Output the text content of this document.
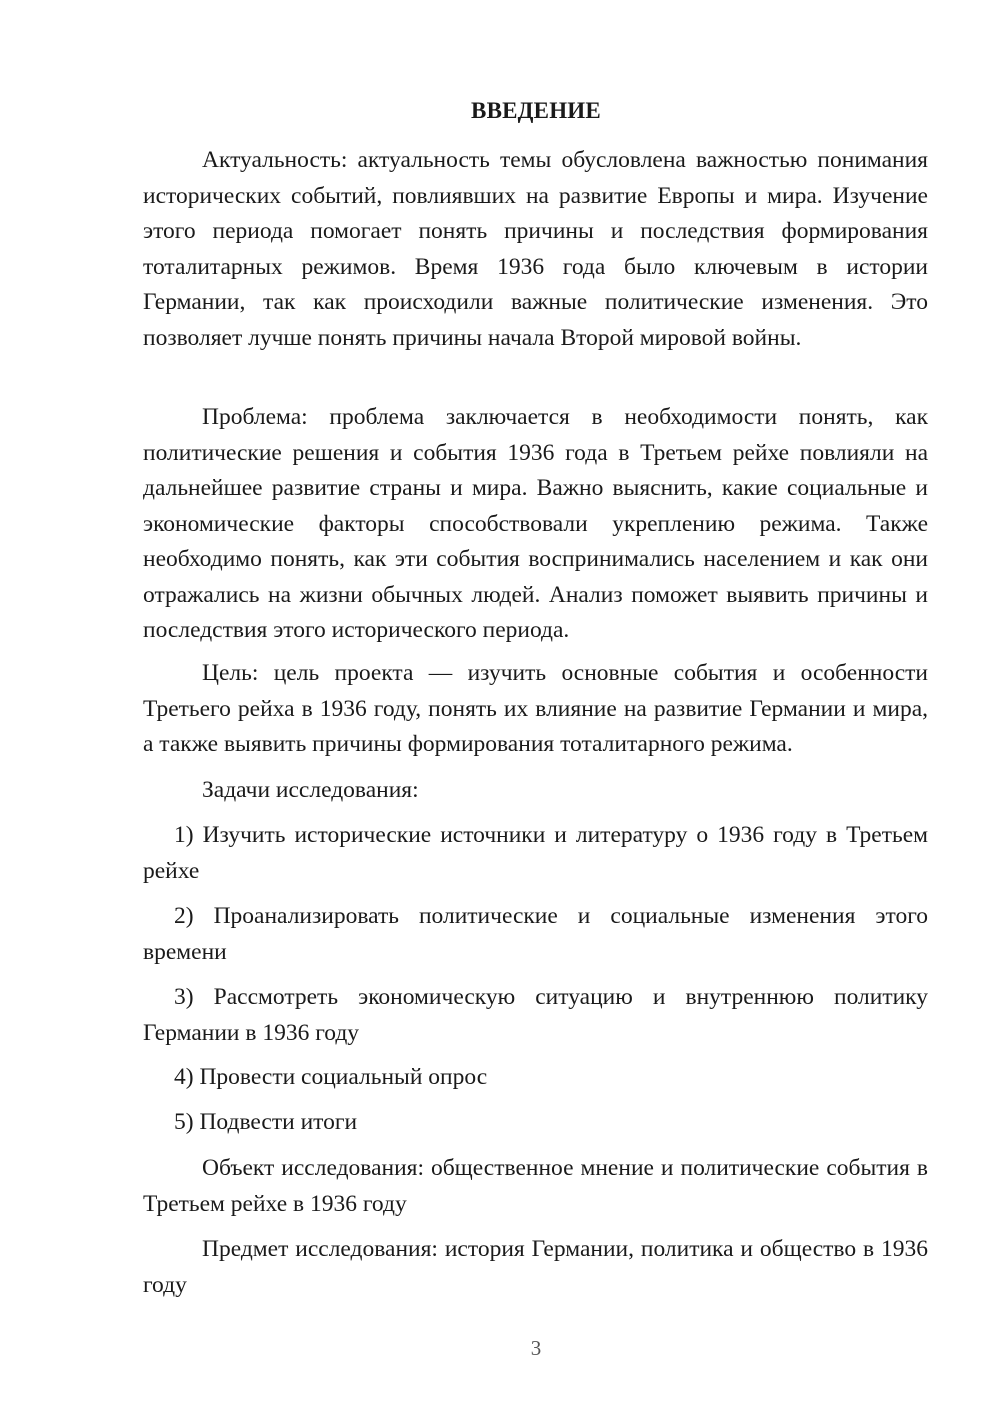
ВВЕДЕНИЕ

Актуальность: актуальность темы обусловлена важностью понимания исторических событий, повлиявших на развитие Европы и мира. Изучение этого периода помогает понять причины и последствия формирования тоталитарных режимов. Время 1936 года было ключевым в истории Германии, так как происходили важные политические изменения. Это позволяет лучше понять причины начала Второй мировой войны.

Проблема: проблема заключается в необходимости понять, как политические решения и события 1936 года в Третьем рейхе повлияли на дальнейшее развитие страны и мира. Важно выяснить, какие социальные и экономические факторы способствовали укреплению режима. Также необходимо понять, как эти события воспринимались населением и как они отражались на жизни обычных людей. Анализ поможет выявить причины и последствия этого исторического периода.

Цель: цель проекта — изучить основные события и особенности Третьего рейха в 1936 году, понять их влияние на развитие Германии и мира, а также выявить причины формирования тоталитарного режима.

Задачи исследования:

1) Изучить исторические источники и литературу о 1936 году в Третьем рейхе

2) Проанализировать политические и социальные изменения этого времени

3) Рассмотреть экономическую ситуацию и внутреннюю политику Германии в 1936 году

4) Провести социальный опрос

5) Подвести итоги

Объект исследования: общественное мнение и политические события в Третьем рейхе в 1936 году

Предмет исследования: история Германии, политика и общество в 1936 году

3
